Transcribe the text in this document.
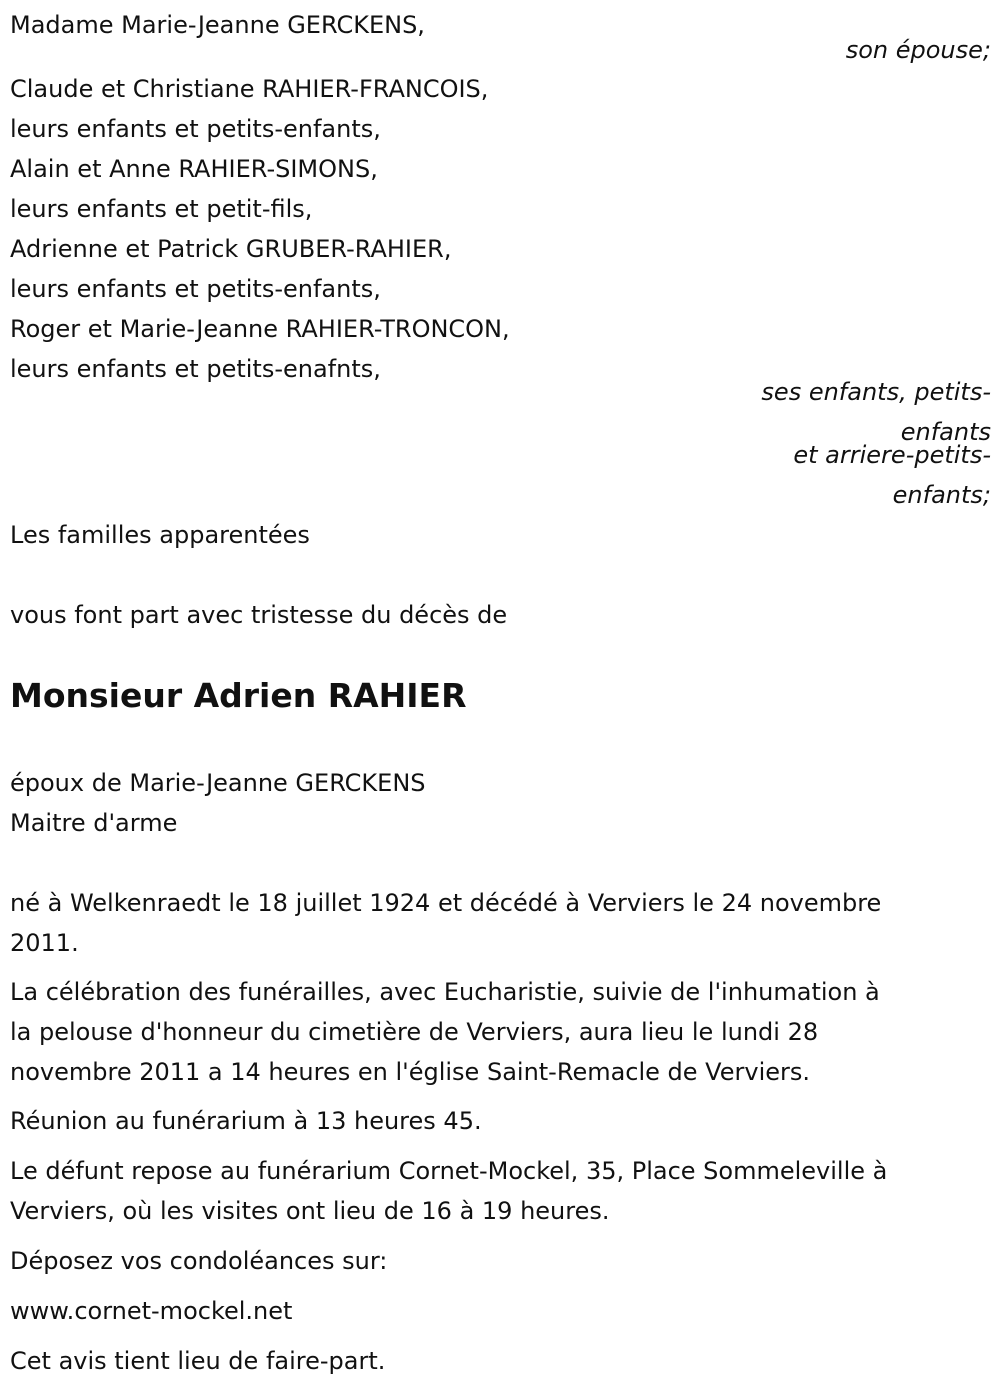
Madame Marie-Jeanne GERCKENS,
son épouse;
Claude et Christiane RAHIER-FRANCOIS,
leurs enfants et petits-enfants,
Alain et Anne RAHIER-SIMONS,
leurs enfants et petit-fils,
Adrienne et Patrick GRUBER-RAHIER,
leurs enfants et petits-enfants,
Roger et Marie-Jeanne RAHIER-TRONCON,
leurs enfants et petits-enafnts,
ses enfants, petits-
enfants
et arriere-petits-
enfants;
Les familles apparentées
vous font part avec tristesse du décès de
Monsieur Adrien RAHIER
époux de Marie-Jeanne GERCKENS
Maitre d'arme
né à Welkenraedt le 18 juillet 1924 et décédé à Verviers le 24 novembre
2011.
La célébration des funérailles, avec Eucharistie, suivie de l'inhumation à
la pelouse d'honneur du cimetière de Verviers, aura lieu le lundi 28
novembre 2011 a 14 heures en l'église Saint-Remacle de Verviers.
Réunion au funérarium à 13 heures 45.
Le défunt repose au funérarium Cornet-Mockel, 35, Place Sommeleville à
Verviers, où les visites ont lieu de 16 à 19 heures.
Déposez vos condoléances sur:
www.cornet-mockel.net
Cet avis tient lieu de faire-part.
